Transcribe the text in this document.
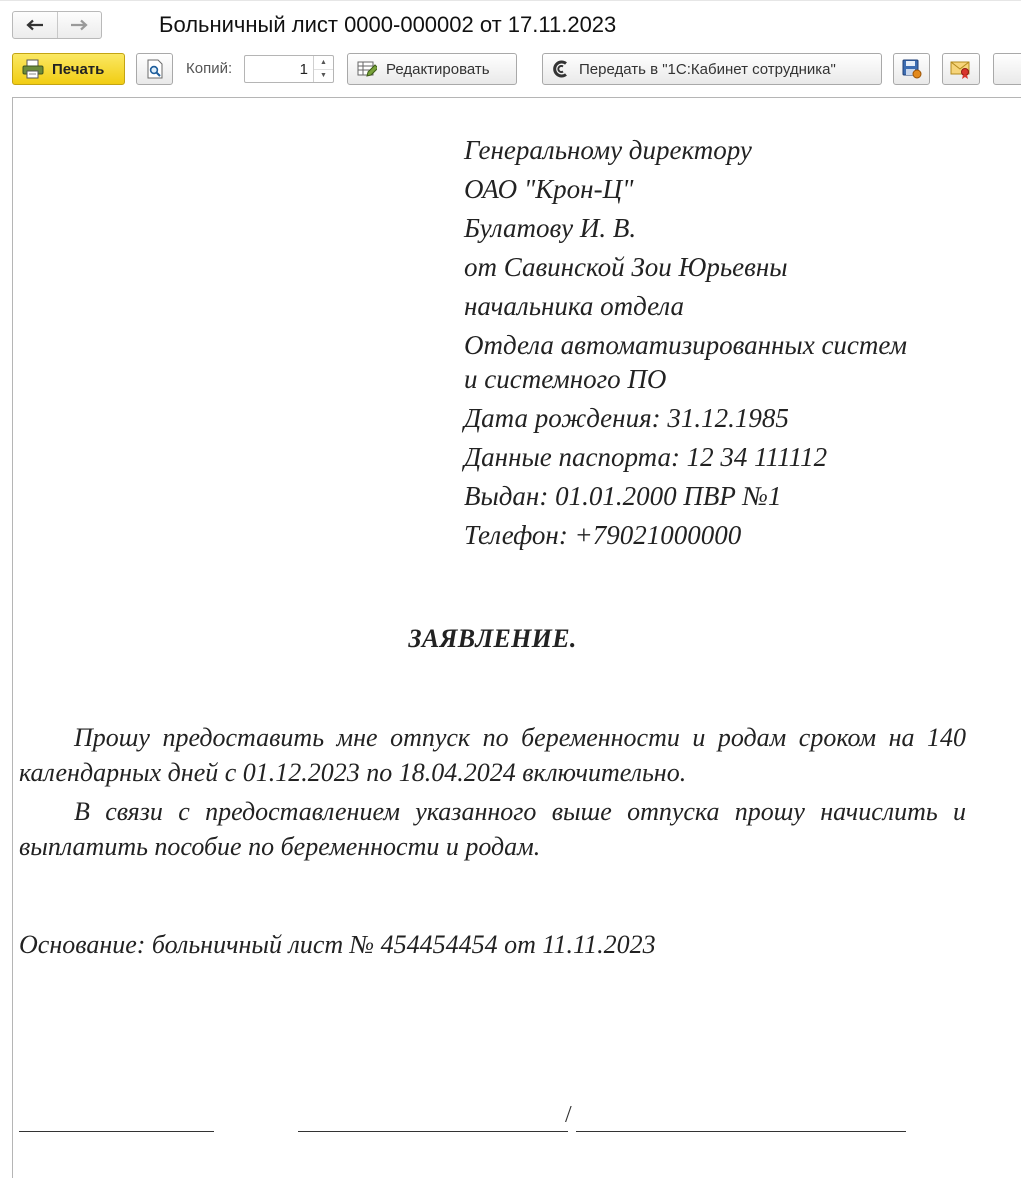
Больничный лист 0000-000002 от 17.11.2023
Печать	Копий:
1	▲
▼	Редактировать	Передать в "1С:Кабинет сотрудника"
Генеральному директору
ОАО "Крон-Ц"
Булатову И. В.
от Савинской Зои Юрьевны
начальника отдела
Отдела автоматизированных систем
и системного ПО
Дата рождения: 31.12.1985
Данные паспорта: 12 34 111112
Выдан: 01.01.2000 ПВР №1
Телефон: +79021000000
ЗАЯВЛЕНИЕ.
Прошу предоставить мне отпуск по беременности и родам сроком на 140 календарных дней с 01.12.2023 по 18.04.2024 включительно.
В связи с предоставлением указанного выше отпуска прошу начислить и выплатить пособие по беременности и родам.
Основание: больничный лист № 454454454 от 11.11.2023
/
